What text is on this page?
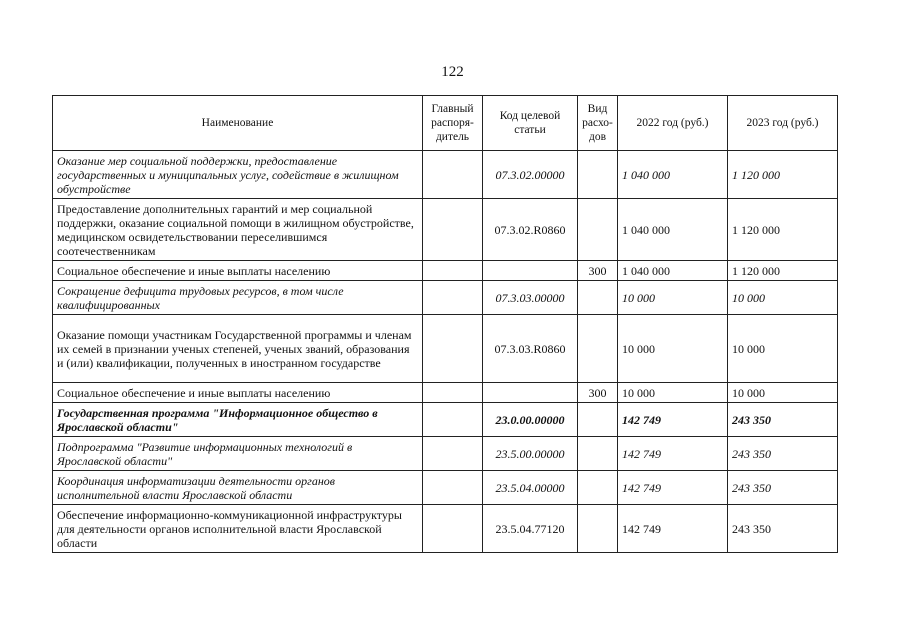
122
Наименование	Главный распоря-дитель	Код целевой статьи	Вид расхо-дов	2022 год (руб.)	2023 год (руб.)
Оказание мер социальной поддержки, предоставление государственных и муниципальных услуг, содействие в жилищном обустройстве		07.3.02.00000		1 040 000	1 120 000
Предоставление дополнительных гарантий и мер социальной поддержки, оказание социальной помощи в жилищном обустройстве, медицинском освидетельствовании переселившимся соотечественникам		07.3.02.R0860		1 040 000	1 120 000
Социальное обеспечение и иные выплаты населению			300	1 040 000	1 120 000
Сокращение дефицита трудовых ресурсов, в том числе квалифицированных		07.3.03.00000		10 000	10 000
Оказание помощи участникам Государственной программы и членам их семей в признании ученых степеней, ученых званий, образования и (или) квалификации, полученных в иностранном государстве		07.3.03.R0860		10 000	10 000
Социальное обеспечение и иные выплаты населению			300	10 000	10 000
Государственная программа "Информационное общество в Ярославской области"		23.0.00.00000		142 749	243 350
Подпрограмма "Развитие информационных технологий в Ярославской области"		23.5.00.00000		142 749	243 350
Координация информатизации деятельности органов исполнительной власти Ярославской области		23.5.04.00000		142 749	243 350
Обеспечение информационно-коммуникационной инфраструктуры для деятельности органов исполнительной власти Ярославской области		23.5.04.77120		142 749	243 350
